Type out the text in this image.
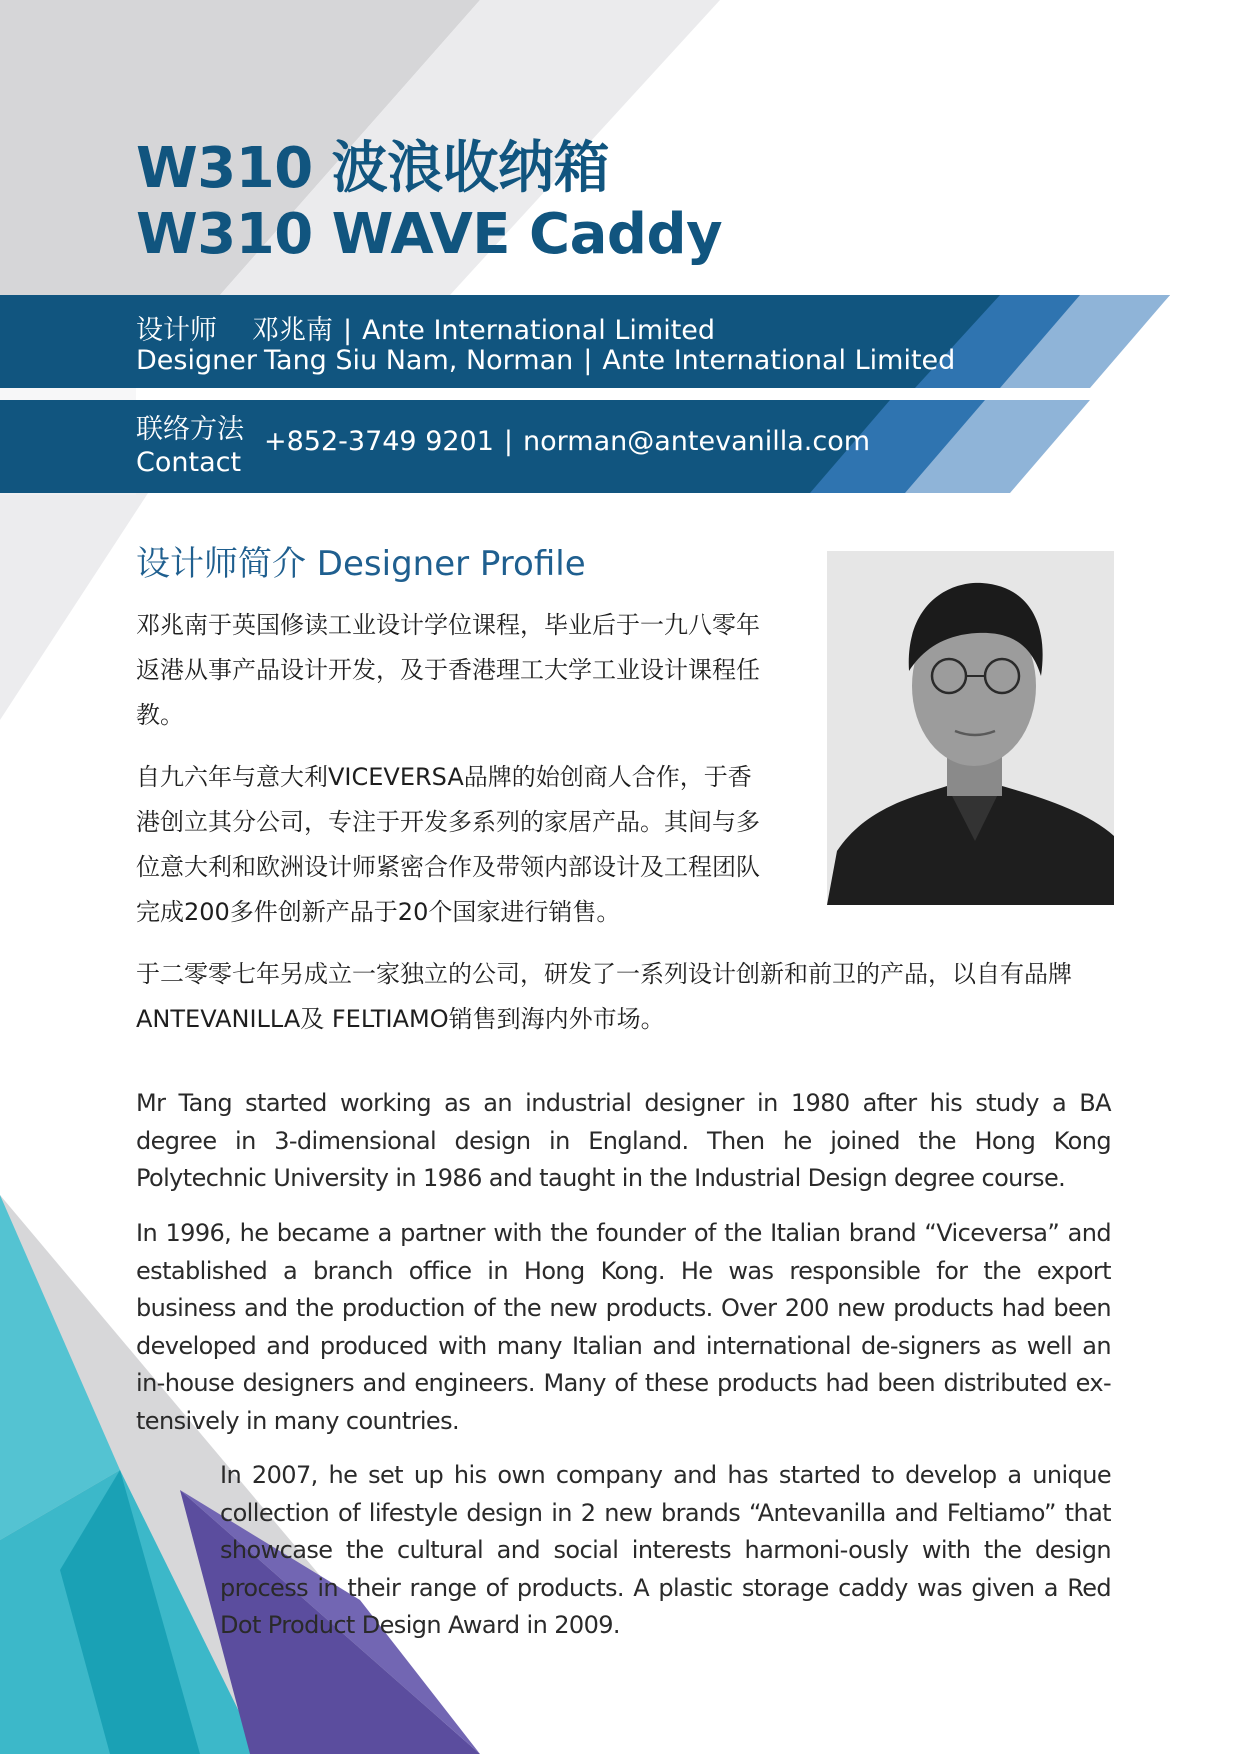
W310 波浪收纳箱
W310 WAVE Caddy
设计师 邓兆南 | Ante International Limited
Designer Tang Siu Nam, Norman | Ante International Limited
联络方法
Contact
+852-3749 9201 | norman@antevanilla.com
设计师简介 Designer Profile
邓兆南于英国修读工业设计学位课程，毕业后于一九八零年返港从事产品设计开发，及于香港理工大学工业设计课程任教。
自九六年与意大利VICEVERSA品牌的始创商人合作，于香港创立其分公司，专注于开发多系列的家居产品。其间与多位意大利和欧洲设计师紧密合作及带领内部设计及工程团队完成200多件创新产品于20个国家进行销售。
于二零零七年另成立一家独立的公司，研发了一系列设计创新和前卫的产品，以自有品牌ANTEVANILLA及 FELTIAMO销售到海内外市场。
Mr Tang started working as an industrial designer in 1980 after his study a BA degree in 3-dimensional design in England. Then he joined the Hong Kong Polytechnic University in 1986 and taught in the Industrial Design degree course.
In 1996, he became a partner with the founder of the Italian brand “Viceversa” and established a branch office in Hong Kong. He was responsible for the export business and the production of the new products. Over 200 new products had been developed and produced with many Italian and international de-signers as well an in-house designers and engineers. Many of these products had been distributed ex-tensively in many countries.
In 2007, he set up his own company and has started to develop a unique collection of lifestyle design in 2 new brands “Antevanilla and Feltiamo” that showcase the cultural and social interests harmoni-ously with the design process in their range of products. A plastic storage caddy was given a Red Dot Product Design Award in 2009.
